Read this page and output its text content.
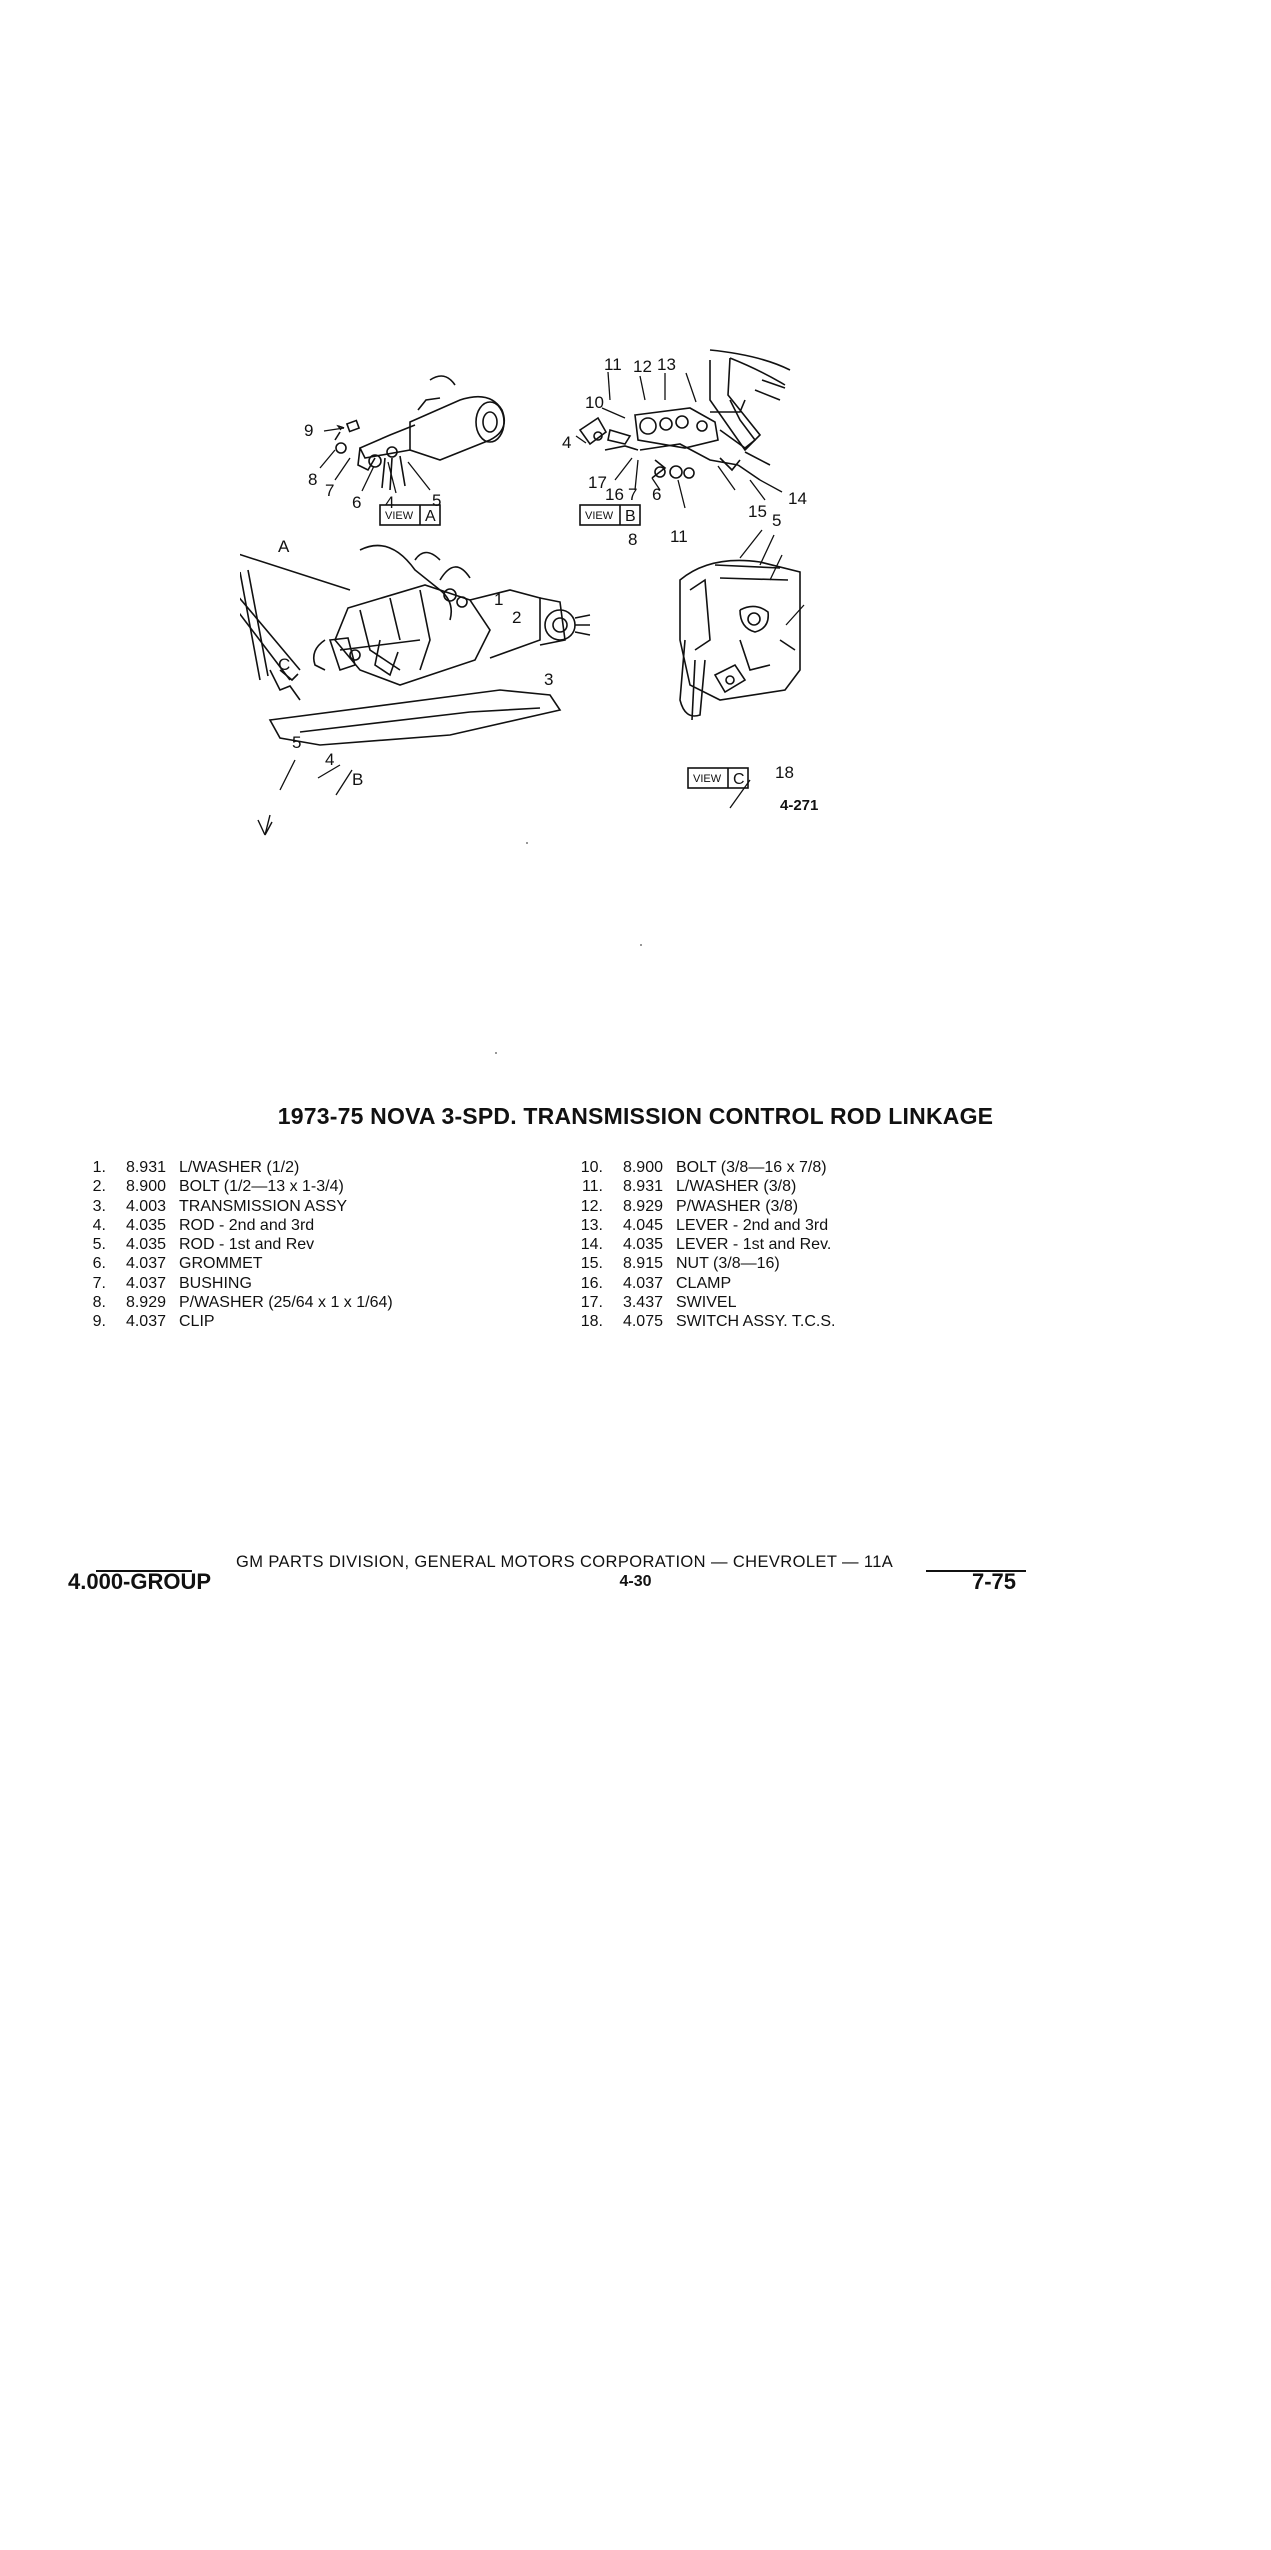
VIEW A	VIEW B
VIEW C
9
8
7
6 4 5
10
11 12 13
4
17
16 7 6
8 11
15 5
14
1
2
3
5
4
18
A
C
B
4-271
1973-75 NOVA 3-SPD. TRANSMISSION CONTROL ROD LINKAGE
1.	8.931 L/WASHER (1/2)
2.	8.900 BOLT (1/2—13 x 1-3/4)
3.	4.003 TRANSMISSION ASSY
4.	4.035 ROD - 2nd and 3rd
5.	4.035 ROD - 1st and Rev
6.	4.037 GROMMET
7.	4.037 BUSHING
8.	8.929 P/WASHER (25/64 x 1 x 1/64)
9.	4.037 CLIP
10.	8.900 BOLT (3/8—16 x 7/8)
11.	8.931 L/WASHER (3/8)
12.	8.929 P/WASHER (3/8)
13.	4.045 LEVER - 2nd and 3rd
14.	4.035 LEVER - 1st and Rev.
15.	8.915 NUT (3/8—16)
16.	4.037 CLAMP
17.	3.437 SWIVEL
18.	4.075 SWITCH ASSY. T.C.S.
GM PARTS DIVISION, GENERAL MOTORS CORPORATION — CHEVROLET — 11A
4.000-GROUP	4-30	7-75
